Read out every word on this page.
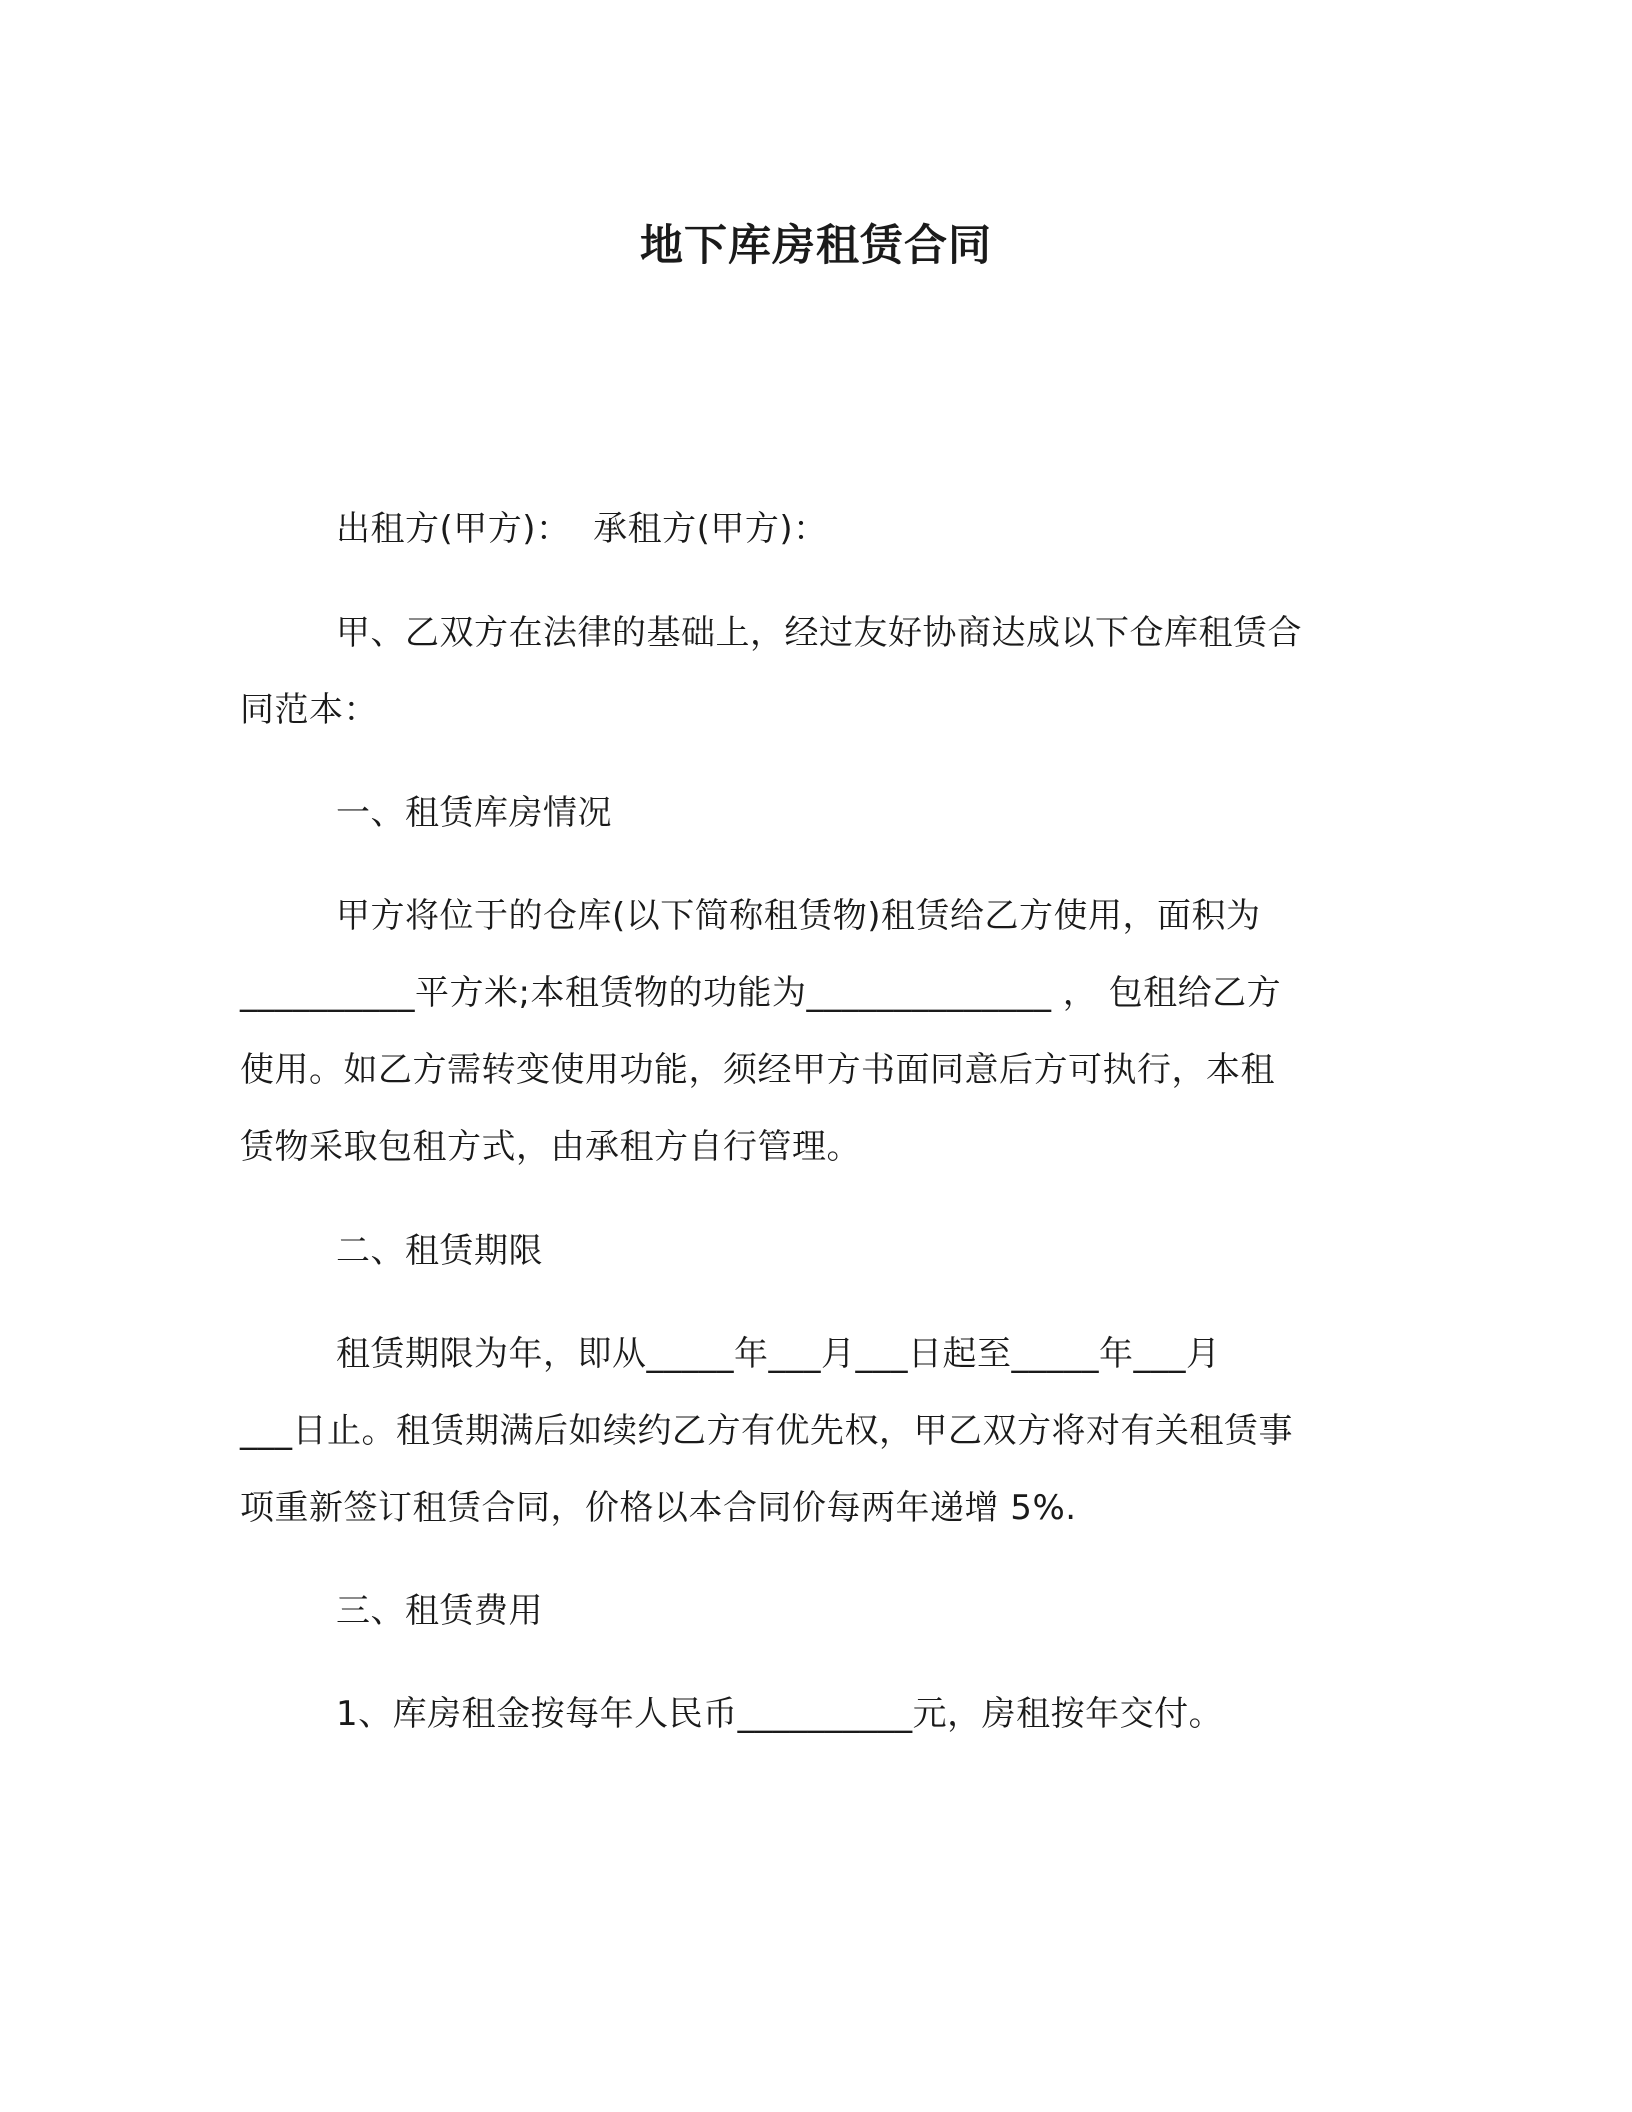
地下库房租赁合同
出租方(甲方)：  承租方(甲方)：
甲、乙双方在法律的基础上，经过友好协商达成以下仓库租赁合
同范本：
一、租赁库房情况
甲方将位于的仓库(以下简称租赁物)租赁给乙方使用，面积为
__________平方米;本租赁物的功能为______________ ， 包租给乙方
使用。如乙方需转变使用功能，须经甲方书面同意后方可执行，本租
赁物采取包租方式，由承租方自行管理。
二、租赁期限
租赁期限为年，即从_____年___月___日起至_____年___月
___日止。租赁期满后如续约乙方有优先权，甲乙双方将对有关租赁事
项重新签订租赁合同，价格以本合同价每两年递增 5%.
三、租赁费用
1、库房租金按每年人民币__________元，房租按年交付。
